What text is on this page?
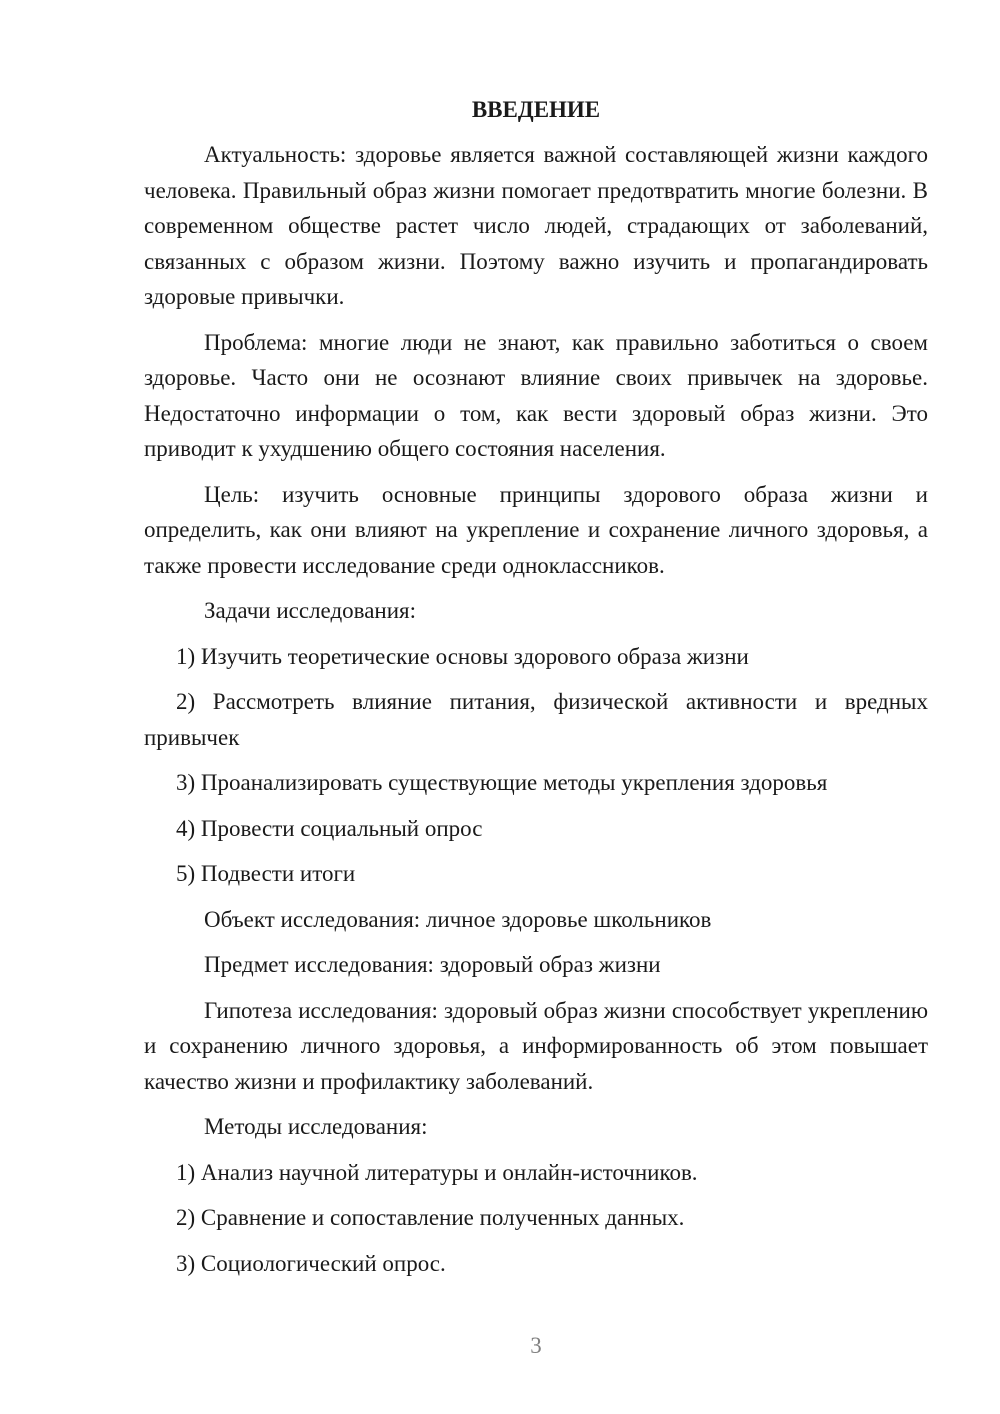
ВВЕДЕНИЕ

Актуальность: здоровье является важной составляющей жизни каждого человека. Правильный образ жизни помогает предотвратить многие болезни. В современном обществе растет число людей, страдающих от заболеваний, связанных с образом жизни. Поэтому важно изучить и пропагандировать здоровые привычки.

Проблема: многие люди не знают, как правильно заботиться о своем здоровье. Часто они не осознают влияние своих привычек на здоровье. Недостаточно информации о том, как вести здоровый образ жизни. Это приводит к ухудшению общего состояния населения.

Цель: изучить основные принципы здорового образа жизни и определить, как они влияют на укрепление и сохранение личного здоровья, а также провести исследование среди одноклассников.

Задачи исследования:

1) Изучить теоретические основы здорового образа жизни

2) Рассмотреть влияние питания, физической активности и вредных привычек

3) Проанализировать существующие методы укрепления здоровья

4) Провести социальный опрос

5) Подвести итоги

Объект исследования: личное здоровье школьников

Предмет исследования: здоровый образ жизни

Гипотеза исследования: здоровый образ жизни способствует укреплению и сохранению личного здоровья, а информированность об этом повышает качество жизни и профилактику заболеваний.

Методы исследования:

1) Анализ научной литературы и онлайн-источников.

2) Сравнение и сопоставление полученных данных.

3) Социологический опрос.

3
